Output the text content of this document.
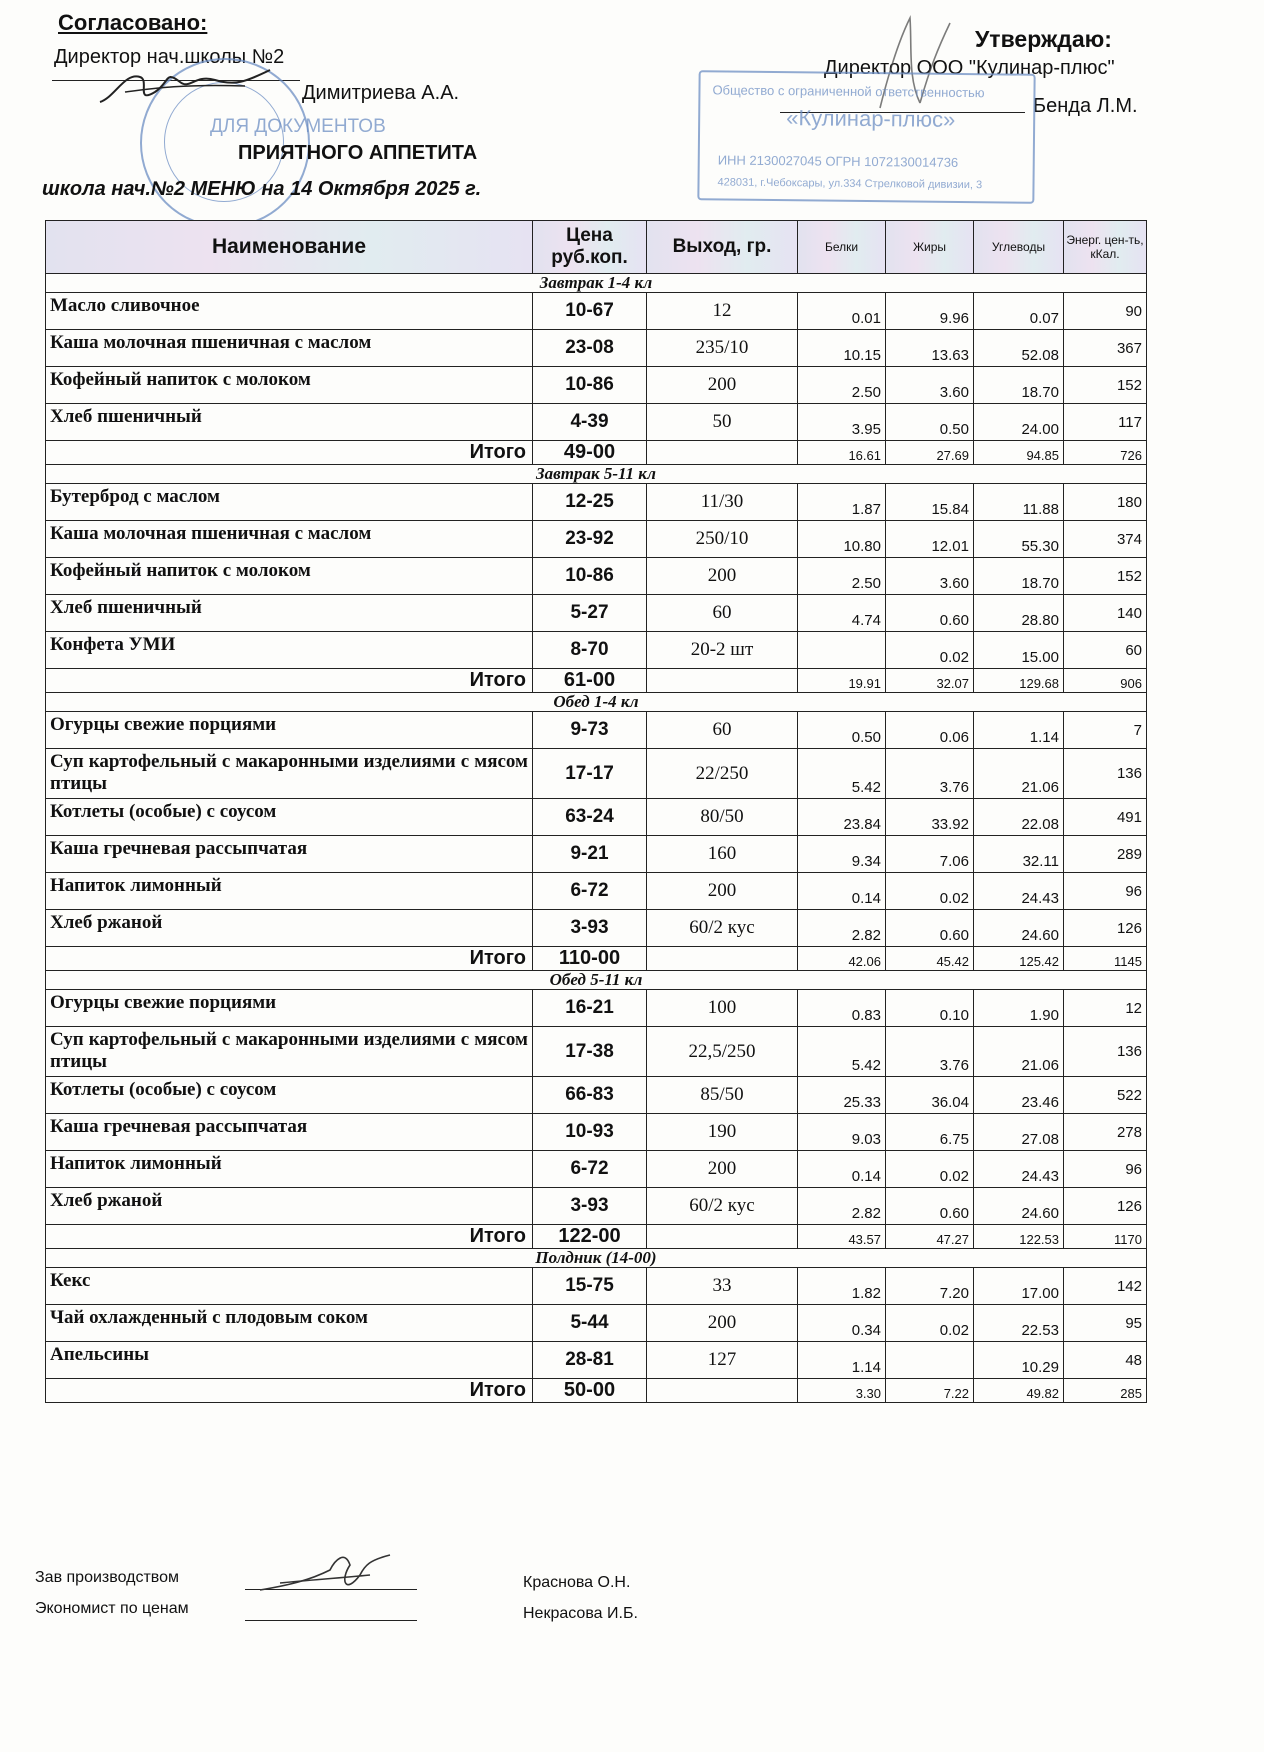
Согласовано:
Директор нач.школы №2
Димитриева А.А.
Утверждаю:
Директор ООО "Кулинар-плюс"
Бенда Л.М.
ПРИЯТНОГО АППЕТИТА
школа нач.№2 МЕНЮ на 14 Октября 2025 г.
Общество с ограниченной ответственностью
«Кулинар-плюс»
ИНН 2130027045 ОГРН 1072130014736
428031, г.Чебоксары, ул.334 Стрелковой дивизии, 3
ДЛЯ ДОКУМЕНТОВ
Наименование	Цена руб.коп.	Выход, гр.	Белки	Жиры	Углеводы	Энерг. цен-ть, кКал.
Завтрак 1-4 кл						
Масло сливочное	10-67	12	0.01	9.96	0.07	90
Каша молочная пшеничная с маслом	23-08	235/10	10.15	13.63	52.08	367
Кофейный напиток с молоком	10-86	200	2.50	3.60	18.70	152
Хлеб пшеничный	4-39	50	3.95	0.50	24.00	117
Итого	49-00		16.61	27.69	94.85	726
Завтрак 5-11 кл						
Бутерброд с маслом	12-25	11/30	1.87	15.84	11.88	180
Каша молочная пшеничная с маслом	23-92	250/10	10.80	12.01	55.30	374
Кофейный напиток с молоком	10-86	200	2.50	3.60	18.70	152
Хлеб пшеничный	5-27	60	4.74	0.60	28.80	140
Конфета УМИ	8-70	20-2 шт		0.02	15.00	60
Итого	61-00		19.91	32.07	129.68	906
Обед 1-4 кл						
Огурцы свежие порциями	9-73	60	0.50	0.06	1.14	7
Суп картофельный с макаронными изделиями с мясом птицы	17-17	22/250	5.42	3.76	21.06	136
Котлеты (особые) с соусом	63-24	80/50	23.84	33.92	22.08	491
Каша гречневая рассыпчатая	9-21	160	9.34	7.06	32.11	289
Напиток лимонный	6-72	200	0.14	0.02	24.43	96
Хлеб ржаной	3-93	60/2 кус	2.82	0.60	24.60	126
Итого	110-00		42.06	45.42	125.42	1145
Обед 5-11 кл						
Огурцы свежие порциями	16-21	100	0.83	0.10	1.90	12
Суп картофельный с макаронными изделиями с мясом птицы	17-38	22,5/250	5.42	3.76	21.06	136
Котлеты (особые) с соусом	66-83	85/50	25.33	36.04	23.46	522
Каша гречневая рассыпчатая	10-93	190	9.03	6.75	27.08	278
Напиток лимонный	6-72	200	0.14	0.02	24.43	96
Хлеб ржаной	3-93	60/2 кус	2.82	0.60	24.60	126
Итого	122-00		43.57	47.27	122.53	1170
Полдник (14-00)						
Кекс	15-75	33	1.82	7.20	17.00	142
Чай охлажденный с плодовым соком	5-44	200	0.34	0.02	22.53	95
Апельсины	28-81	127	1.14		10.29	48
Итого	50-00		3.30	7.22	49.82	285
Зав производством	Краснова О.Н.
Экономист по ценам	Некрасова И.Б.
